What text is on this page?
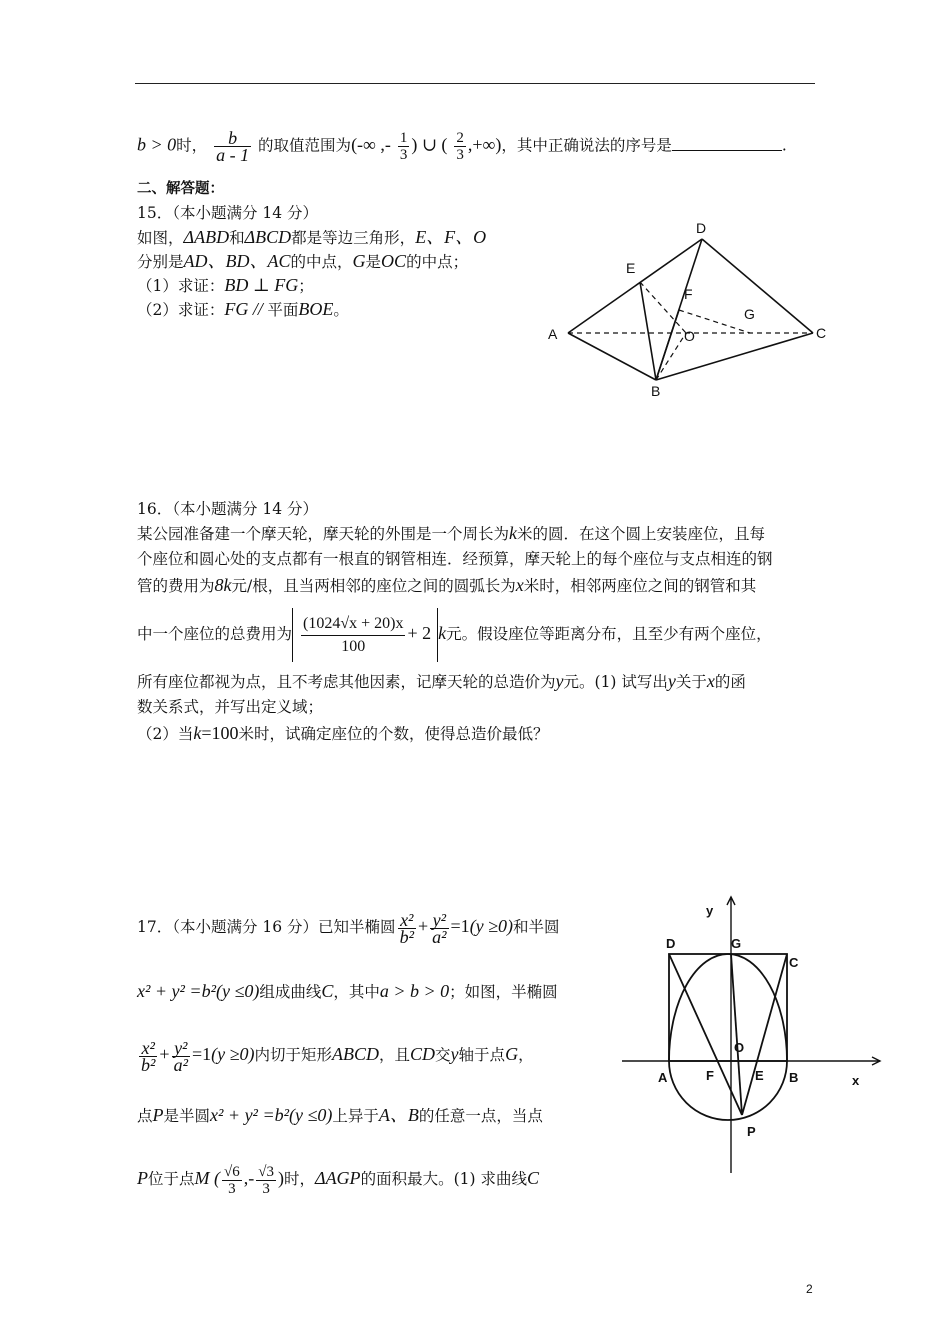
b > 0时， $\frac{b}{a - 1}$ 的取值范围为(-∞ ,- $\frac{1}{3}$ ) ∪ ( $\frac{2}{3}$ ,+∞)，其中正确说法的序号是	.
二、解答题：
15．（本小题满分 14 分）
如图，ΔABD和ΔBCD都是等边三角形，E、F、O
分别是AD、BD、AC的中点，G是OC的中点；
（1）求证：BD ⊥ FG；
（2）求证：FG // 平面BOE。
A
B
C
D
E
F
G
O
16．（本小题满分 14 分）
某公园准备建一个摩天轮，摩天轮的外围是一个周长为k米的圆．在这个圆上安装座位，且每
个座位和圆心处的支点都有一根直的钢管相连．经预算，摩天轮上的每个座位与支点相连的钢
管的费用为8k元/根，且当两相邻的座位之间的圆弧长为x米时，相邻两座位之间的钢管和其
中一个座位的总费用为 $\frac{(1024√x + 20)x}{100} + 2$ k元。假设座位等距离分布，且至少有两个座位，
所有座位都视为点，且不考虑其他因素，记摩天轮的总造价为y元。(1) 试写出y关于x的函
数关系式，并写出定义域；
（2）当k=100米时，试确定座位的个数，使得总造价最低？
17．（本小题满分 16 分）已知半椭圆 $\frac{\text{x²}}{\text{b²}} + \frac{\text{y²}}{\text{a²}} =1(y \ge 0)$和半圆
x² + y² =b²(y ≤0)组成曲线C，其中a > b > 0；如图，半椭圆
$\frac{\text{x²}}{\text{b²}} + \frac{\text{y²}}{\text{a²}} =1(y \ge 0)$内切于矩形ABCD，且CD交y轴于点G，
点P是半圆x² + y² =b²(y ≤0)上异于A、B的任意一点，当点
P位于点M ( $\frac{√6}{3}$ ,- $\frac{√3}{3}$ )时，ΔAGP的面积最大。(1) 求曲线C
y
x
D	G
C
O
A	F	E B
P
2
